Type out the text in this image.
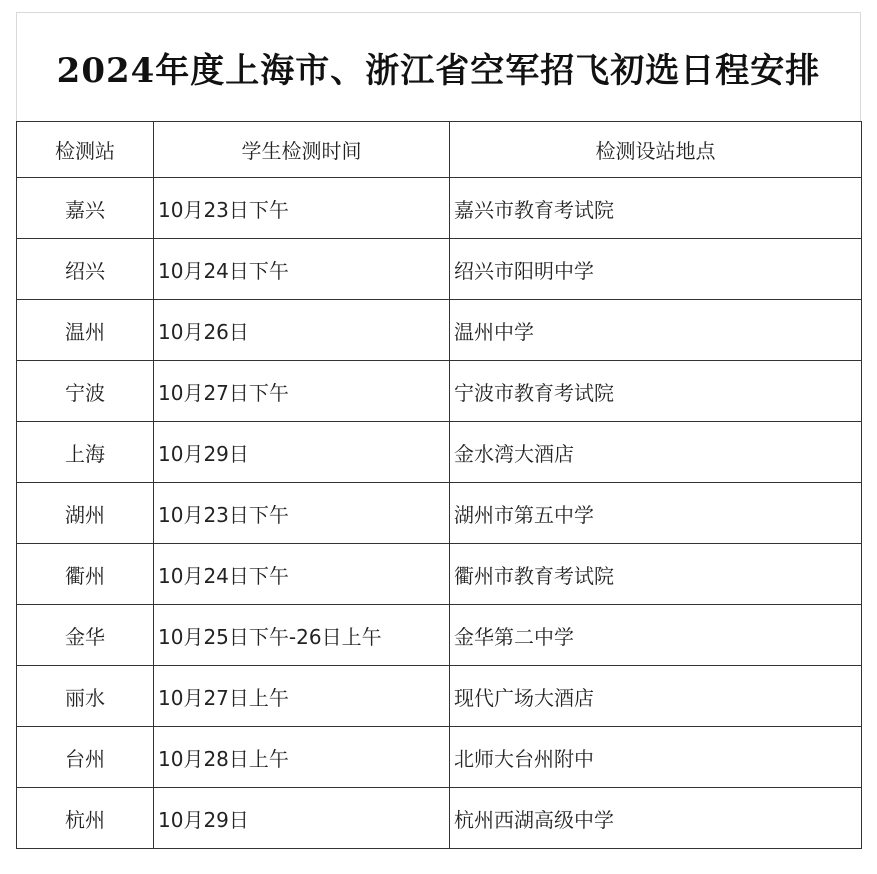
2024年度上海市、浙江省空军招飞初选日程安排
检测站	学生检测时间	检测设站地点
嘉兴	10月23日下午	嘉兴市教育考试院
绍兴	10月24日下午	绍兴市阳明中学
温州	10月26日	温州中学
宁波	10月27日下午	宁波市教育考试院
上海	10月29日	金水湾大酒店
湖州	10月23日下午	湖州市第五中学
衢州	10月24日下午	衢州市教育考试院
金华	10月25日下午-26日上午	金华第二中学
丽水	10月27日上午	现代广场大酒店
台州	10月28日上午	北师大台州附中
杭州	10月29日	杭州西湖高级中学
